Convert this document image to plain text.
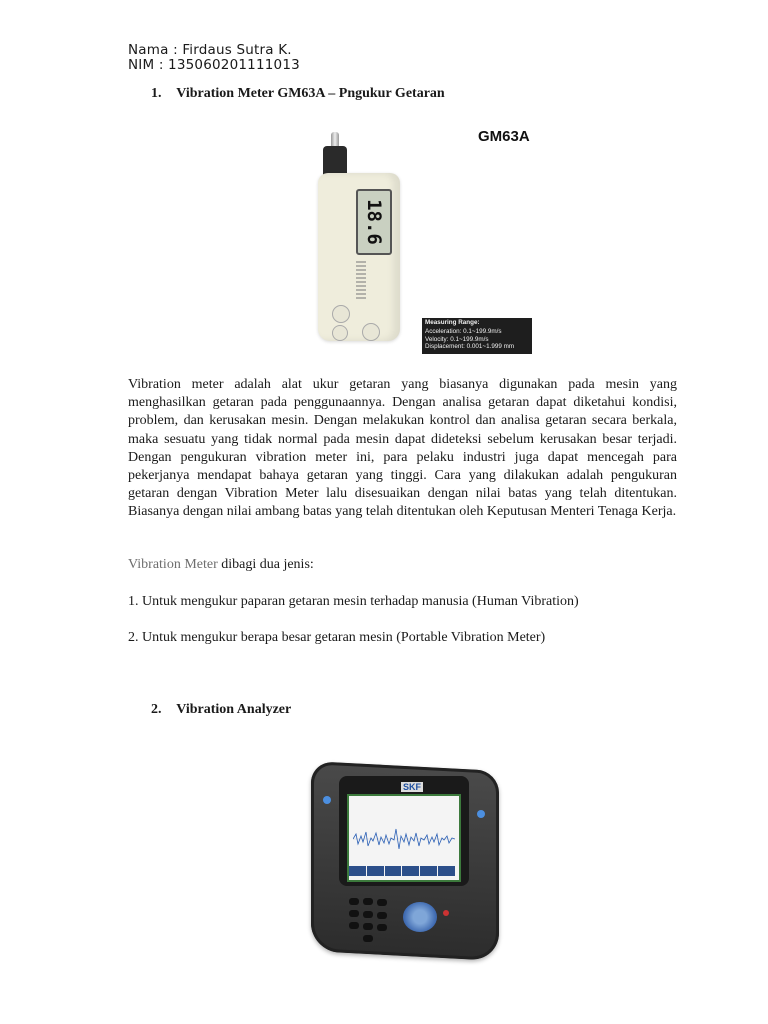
Nama : Firdaus Sutra K.
NIM : 135060201111013
1. Vibration Meter GM63A – Pngukur Getaran
GM63A
18.6
Measuring Range:
Acceleration: 0.1~199.9m/s
Velocity: 0.1~199.9m/s
Displacement: 0.001~1.999 mm
Vibration meter adalah alat ukur getaran yang biasanya digunakan pada mesin yang menghasilkan getaran pada penggunaannya. Dengan analisa getaran dapat diketahui kondisi, problem, dan kerusakan mesin. Dengan melakukan kontrol dan analisa getaran secara berkala, maka sesuatu yang tidak normal pada mesin dapat dideteksi sebelum kerusakan besar terjadi. Dengan pengukuran vibration meter ini, para pelaku industri juga dapat mencegah para pekerjanya mendapat bahaya getaran yang tinggi. Cara yang dilakukan adalah pengukuran getaran dengan Vibration Meter lalu disesuaikan dengan nilai batas yang telah ditentukan. Biasanya dengan nilai ambang batas yang telah ditentukan oleh Keputusan Menteri Tenaga Kerja.
Vibration Meter dibagi dua jenis:
1. Untuk mengukur paparan getaran mesin terhadap manusia (Human Vibration)
2. Untuk mengukur berapa besar getaran mesin (Portable Vibration Meter)
2. Vibration Analyzer
SKF
